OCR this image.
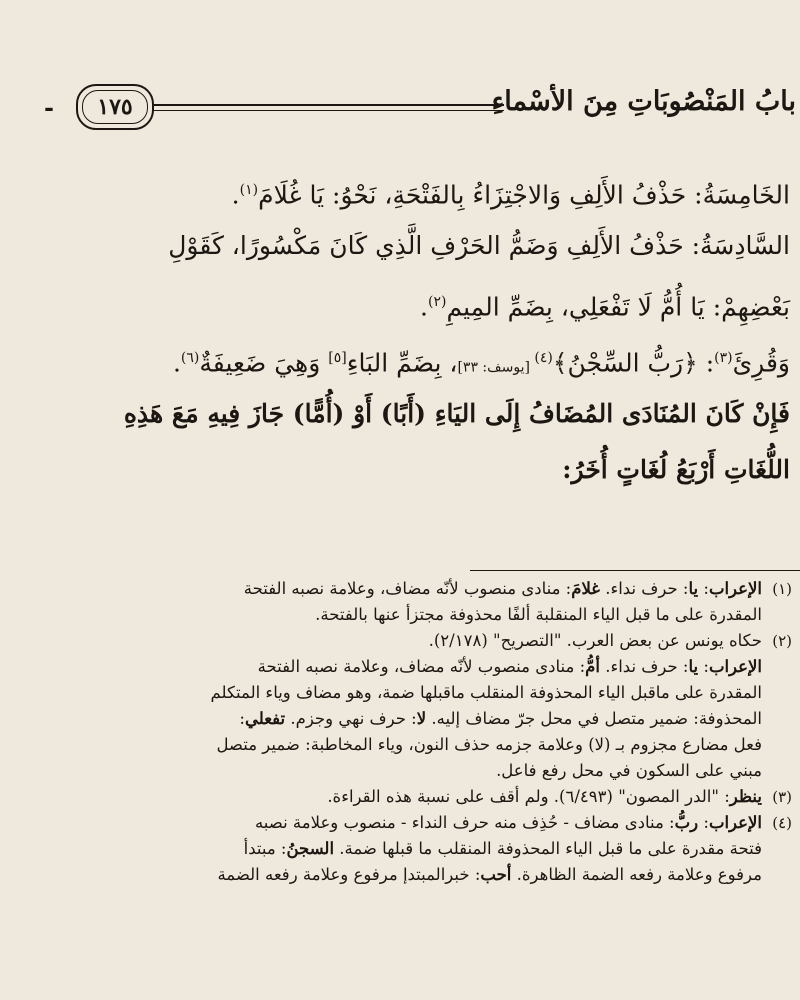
بابُ المَنْصُوبَاتِ مِنَ الأسْماءِ
١٧٥
-
الخَامِسَةُ: حَذْفُ الأَلِفِ وَالاجْتِزَاءُ بِالفَتْحَةِ، نَحْوُ: يَا غُلَامَ$^{(١)}$.
السَّادِسَةُ: حَذْفُ الأَلِفِ وَضَمُّ الحَرْفِ الَّذِي كَانَ مَكْسُورًا، كَقَوْلِ
بَعْضِهِمْ: يَا أُمُّ لَا تَفْعَلِي، بِضَمِّ المِيمِ$^{(٢)}$.
وَقُرِئَ$^{(٣)}$: ﴿رَبُّ السِّجْنُ﴾$^{(٤)}$ [يوسف: ٣٣]، بِضَمِّ البَاءِ[٥] وَهِيَ ضَعِيفَةٌ$^{(٦)}$.
فَإِنْ كَانَ المُنَادَى المُضَافُ إِلَى اليَاءِ (أَبًا) أَوْ (أُمًّا) جَازَ فِيهِ مَعَ هَذِهِ
اللُّغَاتِ أَرْبَعُ لُغَاتٍ أُخَرُ:
(١)الإعراب: يا: حرف نداء. غلامَ: منادى منصوب لأنّه مضاف، وعلامة نصبه الفتحة
المقدرة على ما قبل الياء المنقلبة ألفًا محذوفة مجتزأ عنها بالفتحة.
(٢)حكاه يونس عن بعض العرب. "التصريح" (٢/١٧٨).
الإعراب: يا: حرف نداء. أمُّ: منادى منصوب لأنّه مضاف، وعلامة نصبه الفتحة
المقدرة على ماقبل الياء المحذوفة المنقلب ماقبلها ضمة، وهو مضاف وياء المتكلم
المحذوفة: ضمير متصل في محل جرّ مضاف إليه. لا: حرف نهي وجزم. تفعلي:
فعل مضارع مجزوم بـ (لا) وعلامة جزمه حذف النون، وياء المخاطبة: ضمير متصل
مبني على السكون في محل رفع فاعل.
(٣)ينظر: "الدر المصون" (٦/٤٩٣). ولم أقف على نسبة هذه القراءة.
(٤)الإعراب: ربُّ: منادى مضاف - حُذِف منه حرف النداء - منصوب وعلامة نصبه
فتحة مقدرة على ما قبل الياء المحذوفة المنقلب ما قبلها ضمة. السجنُ: مبتدأ
مرفوع وعلامة رفعه الضمة الظاهرة. أحب: خبرالمبتدإ مرفوع وعلامة رفعه الضمة
